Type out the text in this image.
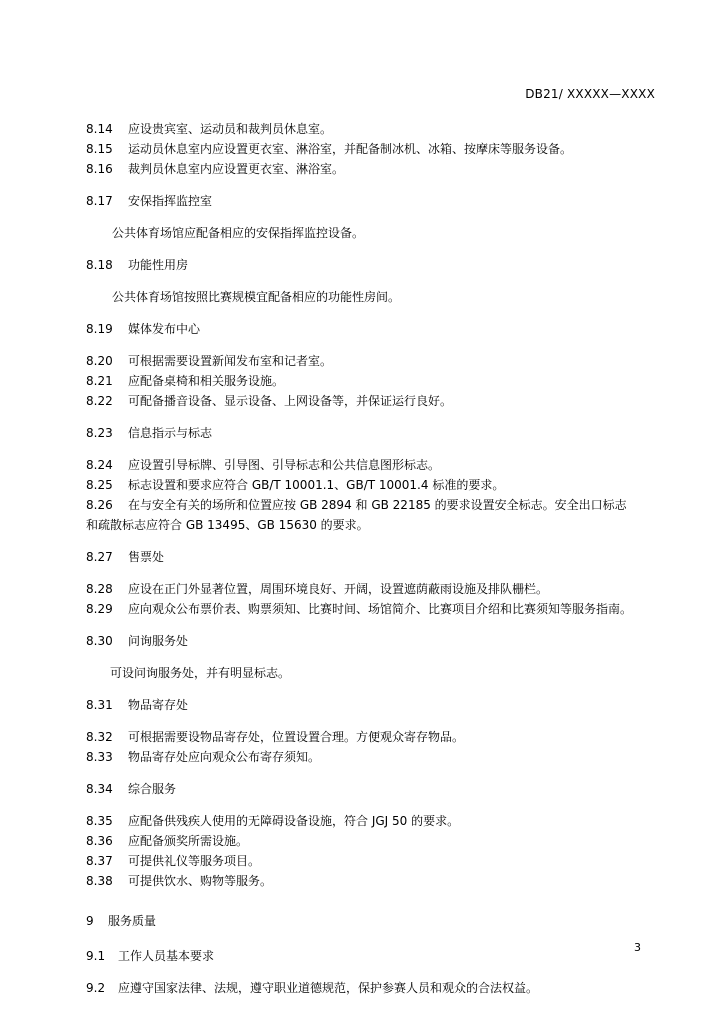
DB21/ XXXXX—XXXX
8.14 应设贵宾室、运动员和裁判员休息室。
8.15 运动员休息室内应设置更衣室、淋浴室，并配备制冰机、冰箱、按摩床等服务设备。
8.16 裁判员休息室内应设置更衣室、淋浴室。
8.17 安保指挥监控室
公共体育场馆应配备相应的安保指挥监控设备。
8.18 功能性用房
公共体育场馆按照比赛规模宜配备相应的功能性房间。
8.19 媒体发布中心
8.20 可根据需要设置新闻发布室和记者室。
8.21 应配备桌椅和相关服务设施。
8.22 可配备播音设备、显示设备、上网设备等，并保证运行良好。
8.23 信息指示与标志
8.24 应设置引导标牌、引导图、引导标志和公共信息图形标志。
8.25 标志设置和要求应符合 GB/T 10001.1、GB/T 10001.4 标准的要求。
8.26 在与安全有关的场所和位置应按 GB 2894 和 GB 22185 的要求设置安全标志。安全出口标志
和疏散标志应符合 GB 13495、GB 15630 的要求。
8.27 售票处
8.28 应设在正门外显著位置，周围环境良好、开阔，设置遮荫蔽雨设施及排队栅栏。
8.29 应向观众公布票价表、购票须知、比赛时间、场馆简介、比赛项目介绍和比赛须知等服务指南。
8.30 问询服务处
可设问询服务处，并有明显标志。
8.31 物品寄存处
8.32 可根据需要设物品寄存处，位置设置合理。方便观众寄存物品。
8.33 物品寄存处应向观众公布寄存须知。
8.34 综合服务
8.35 应配备供残疾人使用的无障碍设备设施，符合 JGJ 50 的要求。
8.36 应配备颁奖所需设施。
8.37 可提供礼仪等服务项目。
8.38 可提供饮水、购物等服务。
9 服务质量
9.1 工作人员基本要求
9.2 应遵守国家法律、法规，遵守职业道德规范，保护参赛人员和观众的合法权益。
3
